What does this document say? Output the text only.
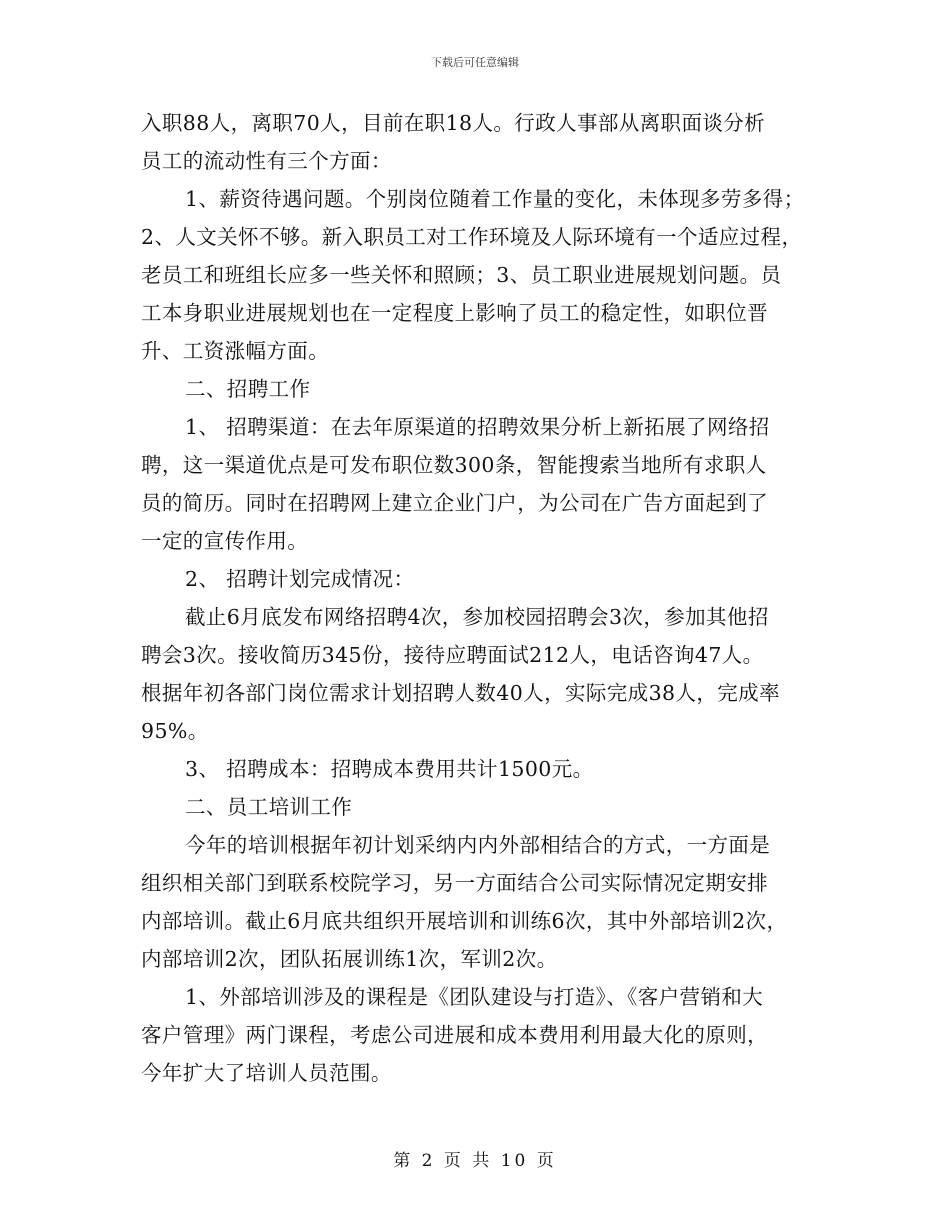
下载后可任意编辑
入职88人，离职70人，目前在职18人。行政人事部从离职面谈分析
员工的流动性有三个方面：
1、薪资待遇问题。个别岗位随着工作量的变化，未体现多劳多得；
2、人文关怀不够。新入职员工对工作环境及人际环境有一个适应过程，
老员工和班组长应多一些关怀和照顾；3、员工职业进展规划问题。员
工本身职业进展规划也在一定程度上影响了员工的稳定性，如职位晋
升、工资涨幅方面。
二、招聘工作
1、 招聘渠道：在去年原渠道的招聘效果分析上新拓展了网络招
聘，这一渠道优点是可发布职位数300条，智能搜索当地所有求职人
员的简历。同时在招聘网上建立企业门户，为公司在广告方面起到了
一定的宣传作用。
2、 招聘计划完成情况：
截止6月底发布网络招聘4次，参加校园招聘会3次，参加其他招
聘会3次。接收简历345份，接待应聘面试212人，电话咨询47人。
根据年初各部门岗位需求计划招聘人数40人，实际完成38人，完成率
95%。
3、 招聘成本：招聘成本费用共计1500元。
二、员工培训工作
今年的培训根据年初计划采纳内内外部相结合的方式，一方面是
组织相关部门到联系校院学习，另一方面结合公司实际情况定期安排
内部培训。截止6月底共组织开展培训和训练6次，其中外部培训2次，
内部培训2次，团队拓展训练1次，军训2次。
1、外部培训涉及的课程是《团队建设与打造》、《客户营销和大
客户管理》两门课程，考虑公司进展和成本费用利用最大化的原则，
今年扩大了培训人员范围。
第 2 页 共 10 页
